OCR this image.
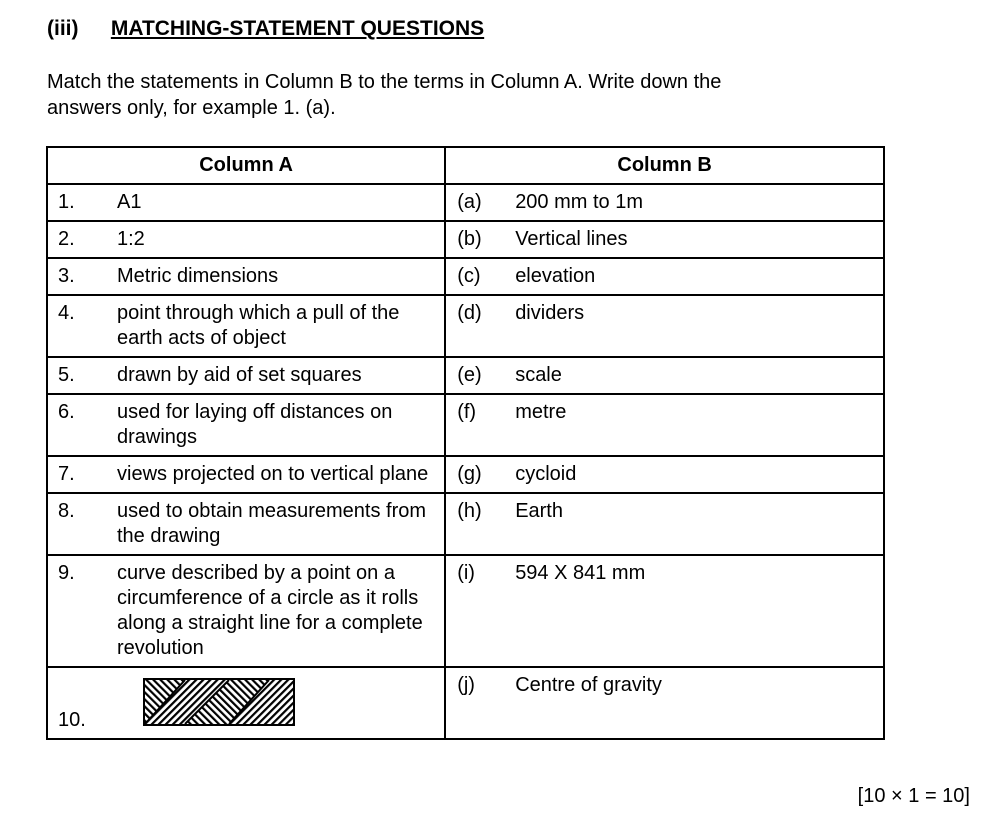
(iii) MATCHING-STATEMENT QUESTIONS
Match the statements in Column B to the terms in Column A. Write down the answers only, for example 1. (a).
Column A	Column B

1. A1	(a) 200 mm to 1m

2. 1:2	(b) Vertical lines

3. Metric dimensions	(c) elevation

4. point through which a pull of the earth acts of object	(d) dividers

5. drawn by aid of set squares	(e) scale

6. used for laying off distances on drawings	(f) metre

7. views projected on to vertical plane	(g) cycloid

8. used to obtain measurements from the drawing	(h) Earth

9. curve described by a point on a circumference of a circle as it rolls along a straight line for a complete revolution	(i) 594 X 841 mm

10.	(j) Centre of gravity
[10 × 1 = 10]
